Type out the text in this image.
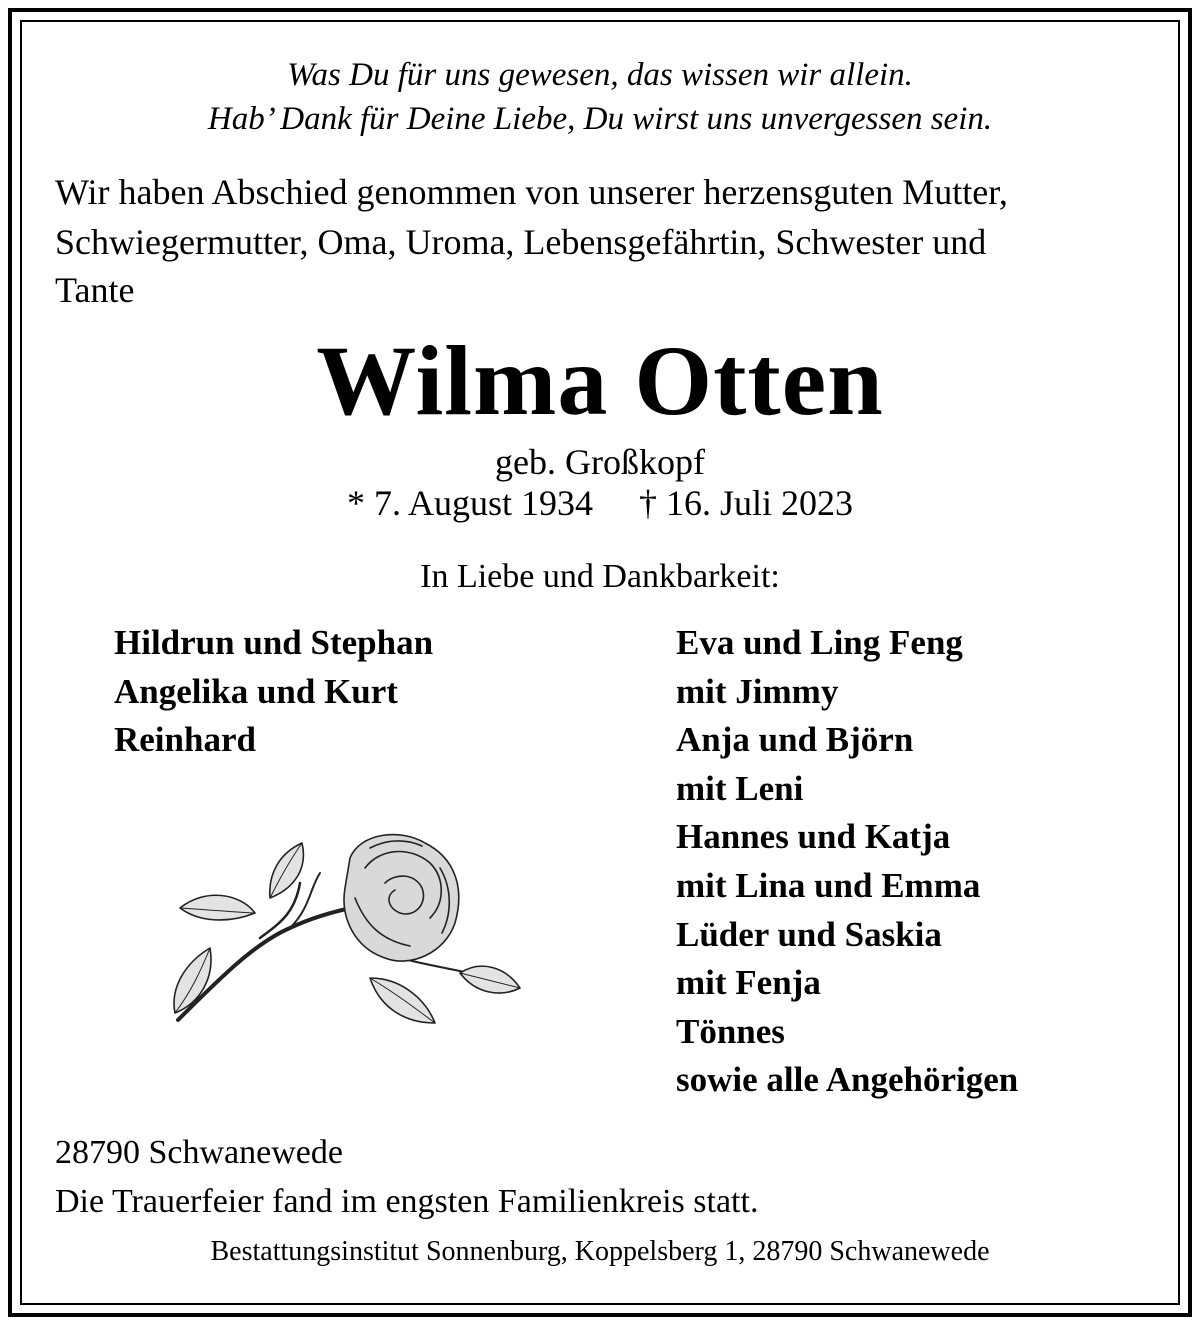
Was Du für uns gewesen, das wissen wir allein.
Hab’ Dank für Deine Liebe, Du wirst uns unvergessen sein.
Wir haben Abschied genommen von unserer herzensguten Mutter,
Schwiegermutter, Oma, Uroma, Lebensgefährtin, Schwester und
Tante
Wilma Otten
geb. Großkopf
* 7. August 1934 † 16. Juli 2023
In Liebe und Dankbarkeit:
Hildrun und Stephan
Angelika und Kurt
Reinhard
Eva und Ling Feng
mit Jimmy
Anja und Björn
mit Leni
Hannes und Katja
mit Lina und Emma
Lüder und Saskia
mit Fenja
Tönnes
sowie alle Angehörigen
28790 Schwanewede
Die Trauerfeier fand im engsten Familienkreis statt.
Bestattungsinstitut Sonnenburg, Koppelsberg 1, 28790 Schwanewede
